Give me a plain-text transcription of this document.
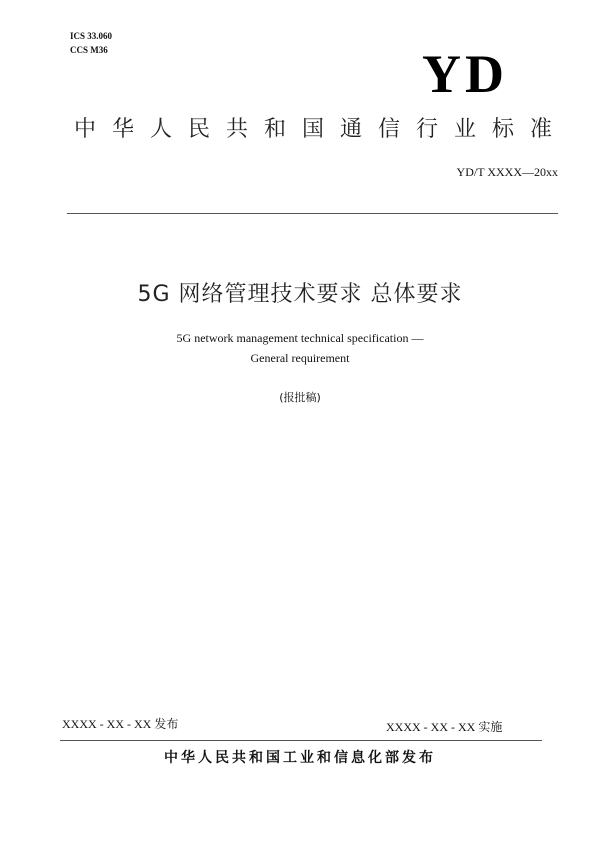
ICS 33.060
CCS M36	YD
中华人民共和国通信行业标准
YD/T XXXX—20xx
5G 网络管理技术要求 总体要求
5G network management technical specification —
General requirement
(报批稿)
XXXX - XX - XX 发布	XXXX - XX - XX 实施
中华人民共和国工业和信息化部发布
